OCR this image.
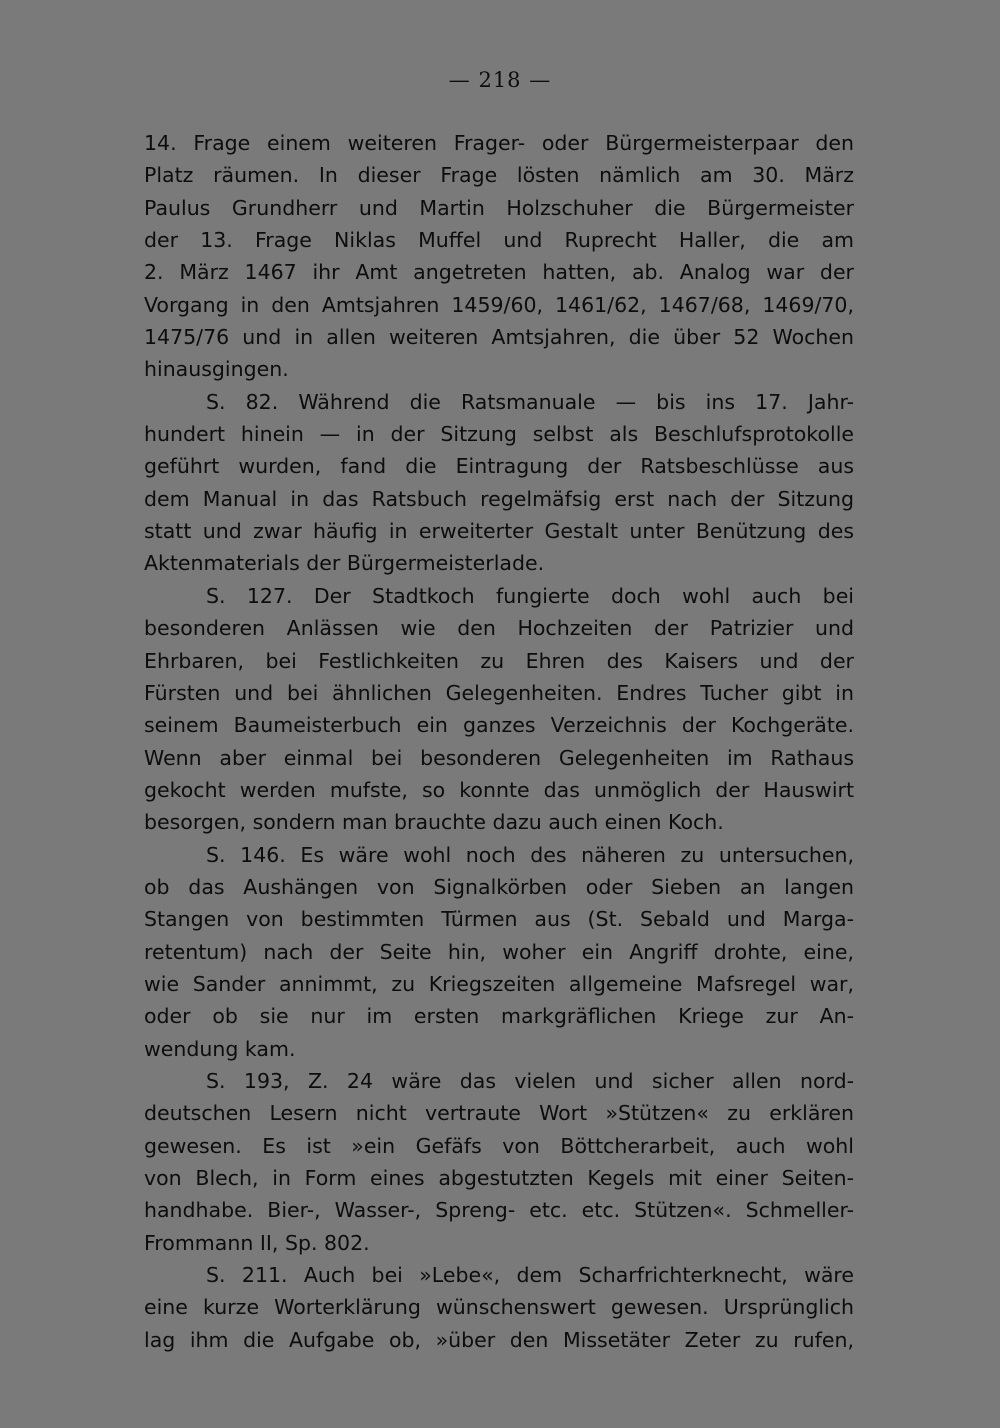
— 218 —
14. Frage einem weiteren Frager- oder Bürgermeisterpaar den
Platz räumen. In dieser Frage lösten nämlich am 30. März
Paulus Grundherr und Martin Holzschuher die Bürgermeister
der 13. Frage Niklas Muffel und Ruprecht Haller, die am
2. März 1467 ihr Amt angetreten hatten, ab. Analog war der
Vorgang in den Amtsjahren 1459/60, 1461/62, 1467/68, 1469/70,
1475/76 und in allen weiteren Amtsjahren, die über 52 Wochen
hinausgingen.
S. 82. Während die Ratsmanuale — bis ins 17. Jahr-
hundert hinein — in der Sitzung selbst als Beschlufsprotokolle
geführt wurden, fand die Eintragung der Ratsbeschlüsse aus
dem Manual in das Ratsbuch regelmäfsig erst nach der Sitzung
statt und zwar häufig in erweiterter Gestalt unter Benützung des
Aktenmaterials der Bürgermeisterlade.
S. 127. Der Stadtkoch fungierte doch wohl auch bei
besonderen Anlässen wie den Hochzeiten der Patrizier und
Ehrbaren, bei Festlichkeiten zu Ehren des Kaisers und der
Fürsten und bei ähnlichen Gelegenheiten. Endres Tucher gibt in
seinem Baumeisterbuch ein ganzes Verzeichnis der Kochgeräte.
Wenn aber einmal bei besonderen Gelegenheiten im Rathaus
gekocht werden mufste, so konnte das unmöglich der Hauswirt
besorgen, sondern man brauchte dazu auch einen Koch.
S. 146. Es wäre wohl noch des näheren zu untersuchen,
ob das Aushängen von Signalkörben oder Sieben an langen
Stangen von bestimmten Türmen aus (St. Sebald und Marga-
retentum) nach der Seite hin, woher ein Angriff drohte, eine,
wie Sander annimmt, zu Kriegszeiten allgemeine Mafsregel war,
oder ob sie nur im ersten markgräflichen Kriege zur An-
wendung kam.
S. 193, Z. 24 wäre das vielen und sicher allen nord-
deutschen Lesern nicht vertraute Wort »Stützen« zu erklären
gewesen. Es ist »ein Gefäfs von Böttcherarbeit, auch wohl
von Blech, in Form eines abgestutzten Kegels mit einer Seiten-
handhabe. Bier-, Wasser-, Spreng- etc. etc. Stützen«. Schmeller-
Frommann II, Sp. 802.
S. 211. Auch bei »Lebe«, dem Scharfrichterknecht, wäre
eine kurze Worterklärung wünschenswert gewesen. Ursprünglich
lag ihm die Aufgabe ob, »über den Missetäter Zeter zu rufen,
